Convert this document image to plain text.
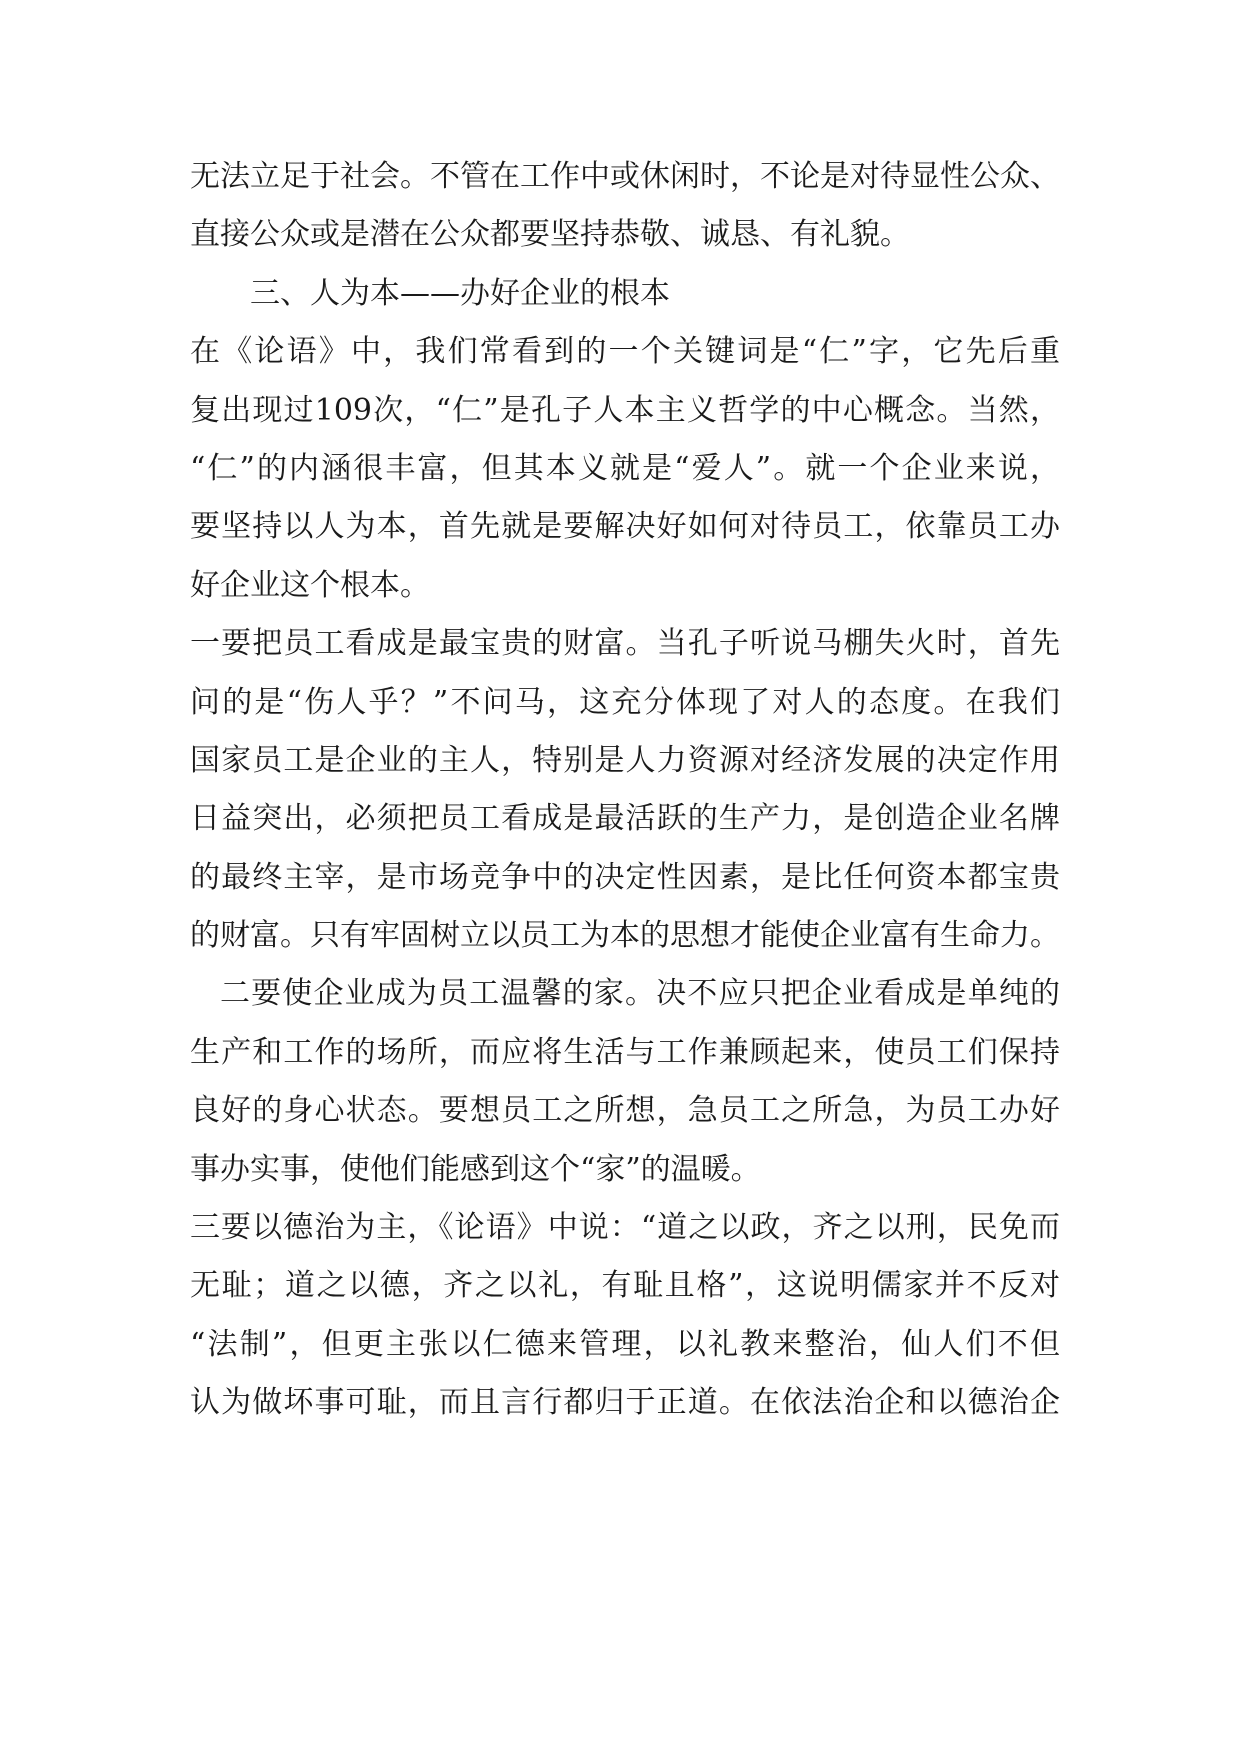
无法立足于社会。不管在工作中或休闲时，不论是对待显性公众、
直接公众或是潜在公众都要坚持恭敬、诚恳、有礼貌。
三、人为本——办好企业的根本
在《论语》中，我们常看到的一个关键词是“仁”字，它先后重
复出现过109次，“仁”是孔子人本主义哲学的中心概念。当然，
“仁”的内涵很丰富，但其本义就是“爱人”。就一个企业来说，
要坚持以人为本，首先就是要解决好如何对待员工，依靠员工办
好企业这个根本。
一要把员工看成是最宝贵的财富。当孔子听说马棚失火时，首先
问的是“伤人乎？”不问马，这充分体现了对人的态度。在我们
国家员工是企业的主人，特别是人力资源对经济发展的决定作用
日益突出，必须把员工看成是最活跃的生产力，是创造企业名牌
的最终主宰，是市场竞争中的决定性因素，是比任何资本都宝贵
的财富。只有牢固树立以员工为本的思想才能使企业富有生命力。
二要使企业成为员工温馨的家。决不应只把企业看成是单纯的
生产和工作的场所，而应将生活与工作兼顾起来，使员工们保持
良好的身心状态。要想员工之所想，急员工之所急，为员工办好
事办实事，使他们能感到这个“家”的温暖。
三要以德治为主，《论语》中说：“道之以政，齐之以刑，民免而
无耻；道之以德，齐之以礼，有耻且格”，这说明儒家并不反对
“法制”，但更主张以仁德来管理，以礼教来整治，仙人们不但
认为做坏事可耻，而且言行都归于正道。在依法治企和以德治企
